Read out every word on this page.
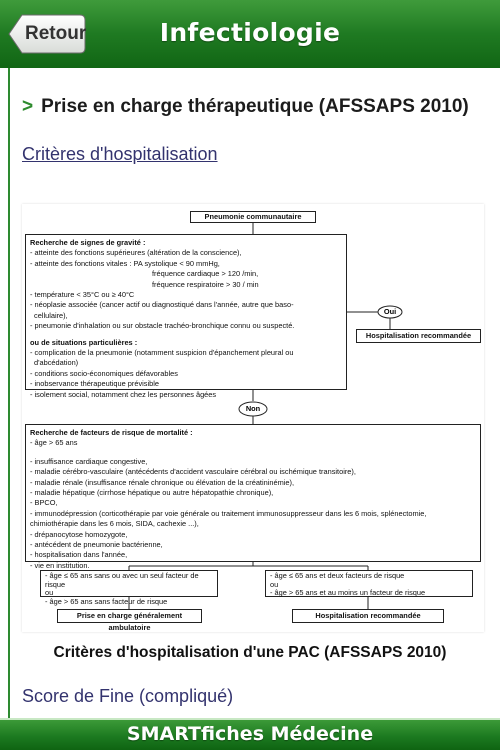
Retour	Infectiologie
> Prise en charge thérapeutique (AFSSAPS 2010)
Critères d'hospitalisation
Pneumonie communautaire
Recherche de signes de gravité :
- atteinte des fonctions supérieures (altération de la conscience),
- atteinte des fonctions vitales : PA systolique < 90 mmHg,
fréquence cardiaque > 120 /min,
fréquence respiratoire > 30 / min
- température < 35°C ou ≥ 40°C
- néoplasie associée (cancer actif ou diagnostiqué dans l'année, autre que baso-
cellulaire),
- pneumonie d'inhalation ou sur obstacle trachéo-bronchique connu ou suspecté.
ou de situations particulières :
- complication de la pneumonie (notamment suspicion d'épanchement pleural ou
d'abcédation)
- conditions socio-économiques défavorables
- inobservance thérapeutique prévisible
- isolement social, notamment chez les personnes âgées
Oui
Hospitalisation recommandée
Non
Recherche de facteurs de risque de mortalité :
- âge > 65 ans
- insuffisance cardiaque congestive,
- maladie cérébro-vasculaire (antécédents d'accident vasculaire cérébral ou ischémique transitoire),
- maladie rénale (insuffisance rénale chronique ou élévation de la créatininémie),
- maladie hépatique (cirrhose hépatique ou autre hépatopathie chronique),
- BPCO,
- immunodépression (corticothérapie par voie générale ou traitement immunosuppresseur dans les 6 mois, splénectomie,
chimiothérapie dans les 6 mois, SIDA, cachexie ...),
- drépanocytose homozygote,
- antécédent de pneumonie bactérienne,
- hospitalisation dans l'année,
- vie en institution.
- âge ≤ 65 ans sans ou avec un seul facteur de risque
ou
- âge > 65 ans sans facteur de risque
- âge ≤ 65 ans et deux facteurs de risque
ou
- âge > 65 ans et au moins un facteur de risque
Prise en charge généralement ambulatoire
Hospitalisation recommandée
Critères d'hospitalisation d'une PAC (AFSSAPS 2010)
Score de Fine (compliqué)
SMARTfiches Médecine
